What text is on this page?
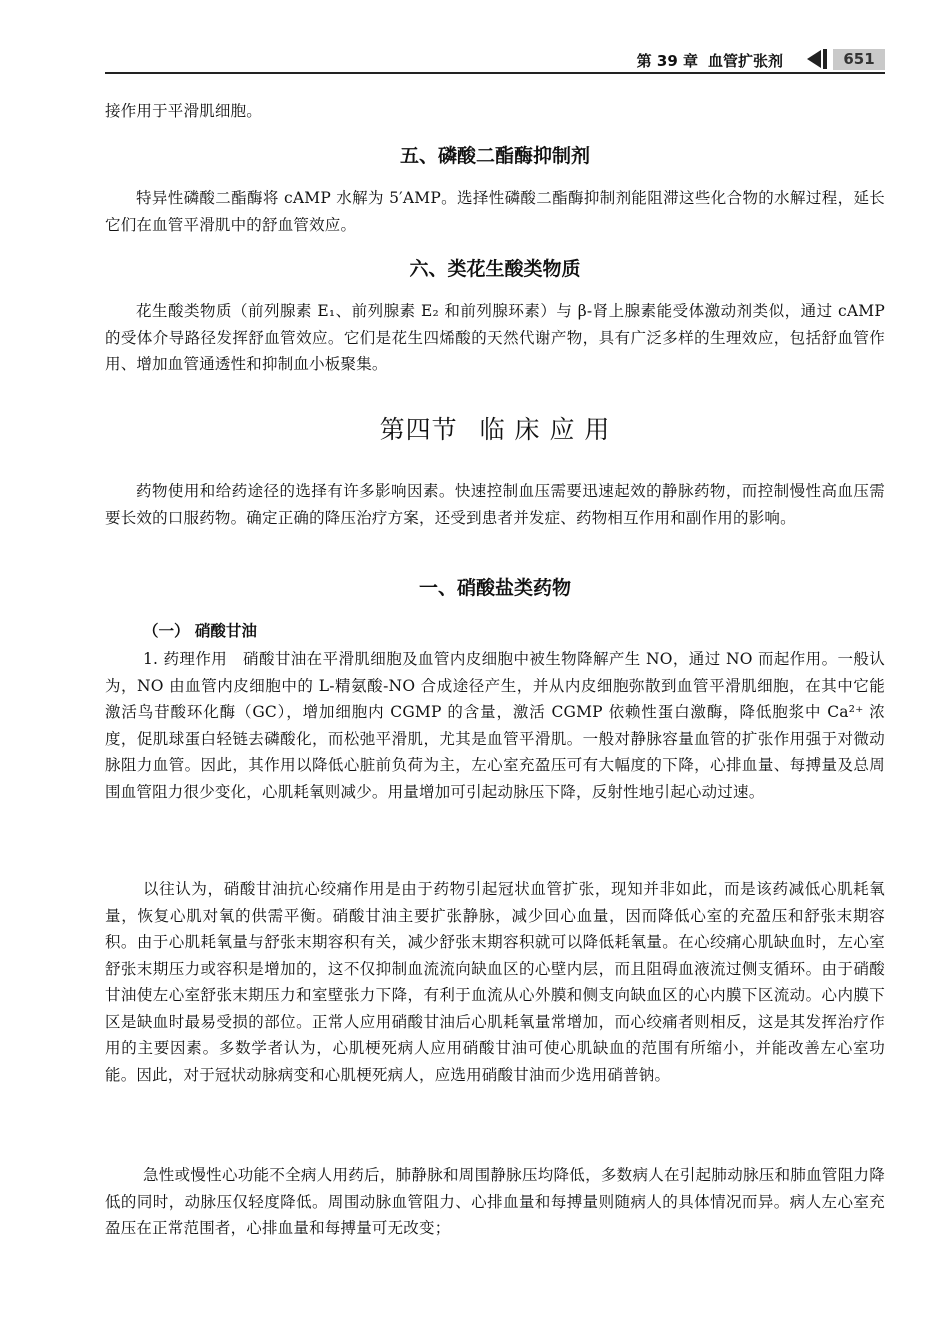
第 39 章 血管扩张剂	651
接作用于平滑肌细胞。
五、磷酸二酯酶抑制剂
特异性磷酸二酯酶将 cAMP 水解为 5′AMP。选择性磷酸二酯酶抑制剂能阻滞这些化合物的水解过程，延长它们在血管平滑肌中的舒血管效应。
六、类花生酸类物质
花生酸类物质（前列腺素 E₁、前列腺素 E₂ 和前列腺环素）与 β-肾上腺素能受体激动剂类似，通过 cAMP 的受体介导路径发挥舒血管效应。它们是花生四烯酸的天然代谢产物，具有广泛多样的生理效应，包括舒血管作用、增加血管通透性和抑制血小板聚集。
第四节 临 床 应 用
药物使用和给药途径的选择有许多影响因素。快速控制血压需要迅速起效的静脉药物，而控制慢性高血压需要长效的口服药物。确定正确的降压治疗方案，还受到患者并发症、药物相互作用和副作用的影响。
一、硝酸盐类药物
（一） 硝酸甘油
1. 药理作用　硝酸甘油在平滑肌细胞及血管内皮细胞中被生物降解产生 NO，通过 NO 而起作用。一般认为，NO 由血管内皮细胞中的 L-精氨酸-NO 合成途径产生，并从内皮细胞弥散到血管平滑肌细胞，在其中它能激活鸟苷酸环化酶（GC），增加细胞内 CGMP 的含量，激活 CGMP 依赖性蛋白激酶，降低胞浆中 Ca²⁺ 浓度，促肌球蛋白轻链去磷酸化，而松弛平滑肌，尤其是血管平滑肌。一般对静脉容量血管的扩张作用强于对微动脉阻力血管。因此，其作用以降低心脏前负荷为主，左心室充盈压可有大幅度的下降，心排血量、每搏量及总周围血管阻力很少变化，心肌耗氧则减少。用量增加可引起动脉压下降，反射性地引起心动过速。
以往认为，硝酸甘油抗心绞痛作用是由于药物引起冠状血管扩张，现知并非如此，而是该药减低心肌耗氧量，恢复心肌对氧的供需平衡。硝酸甘油主要扩张静脉，减少回心血量，因而降低心室的充盈压和舒张末期容积。由于心肌耗氧量与舒张末期容积有关，减少舒张末期容积就可以降低耗氧量。在心绞痛心肌缺血时，左心室舒张末期压力或容积是增加的，这不仅抑制血流流向缺血区的心壁内层，而且阻碍血液流过侧支循环。由于硝酸甘油使左心室舒张末期压力和室壁张力下降，有利于血流从心外膜和侧支向缺血区的心内膜下区流动。心内膜下区是缺血时最易受损的部位。正常人应用硝酸甘油后心肌耗氧量常增加，而心绞痛者则相反，这是其发挥治疗作用的主要因素。多数学者认为，心肌梗死病人应用硝酸甘油可使心肌缺血的范围有所缩小，并能改善左心室功能。因此，对于冠状动脉病变和心肌梗死病人，应选用硝酸甘油而少选用硝普钠。
急性或慢性心功能不全病人用药后，肺静脉和周围静脉压均降低，多数病人在引起肺动脉压和肺血管阻力降低的同时，动脉压仅轻度降低。周围动脉血管阻力、心排血量和每搏量则随病人的具体情况而异。病人左心室充盈压在正常范围者，心排血量和每搏量可无改变；
